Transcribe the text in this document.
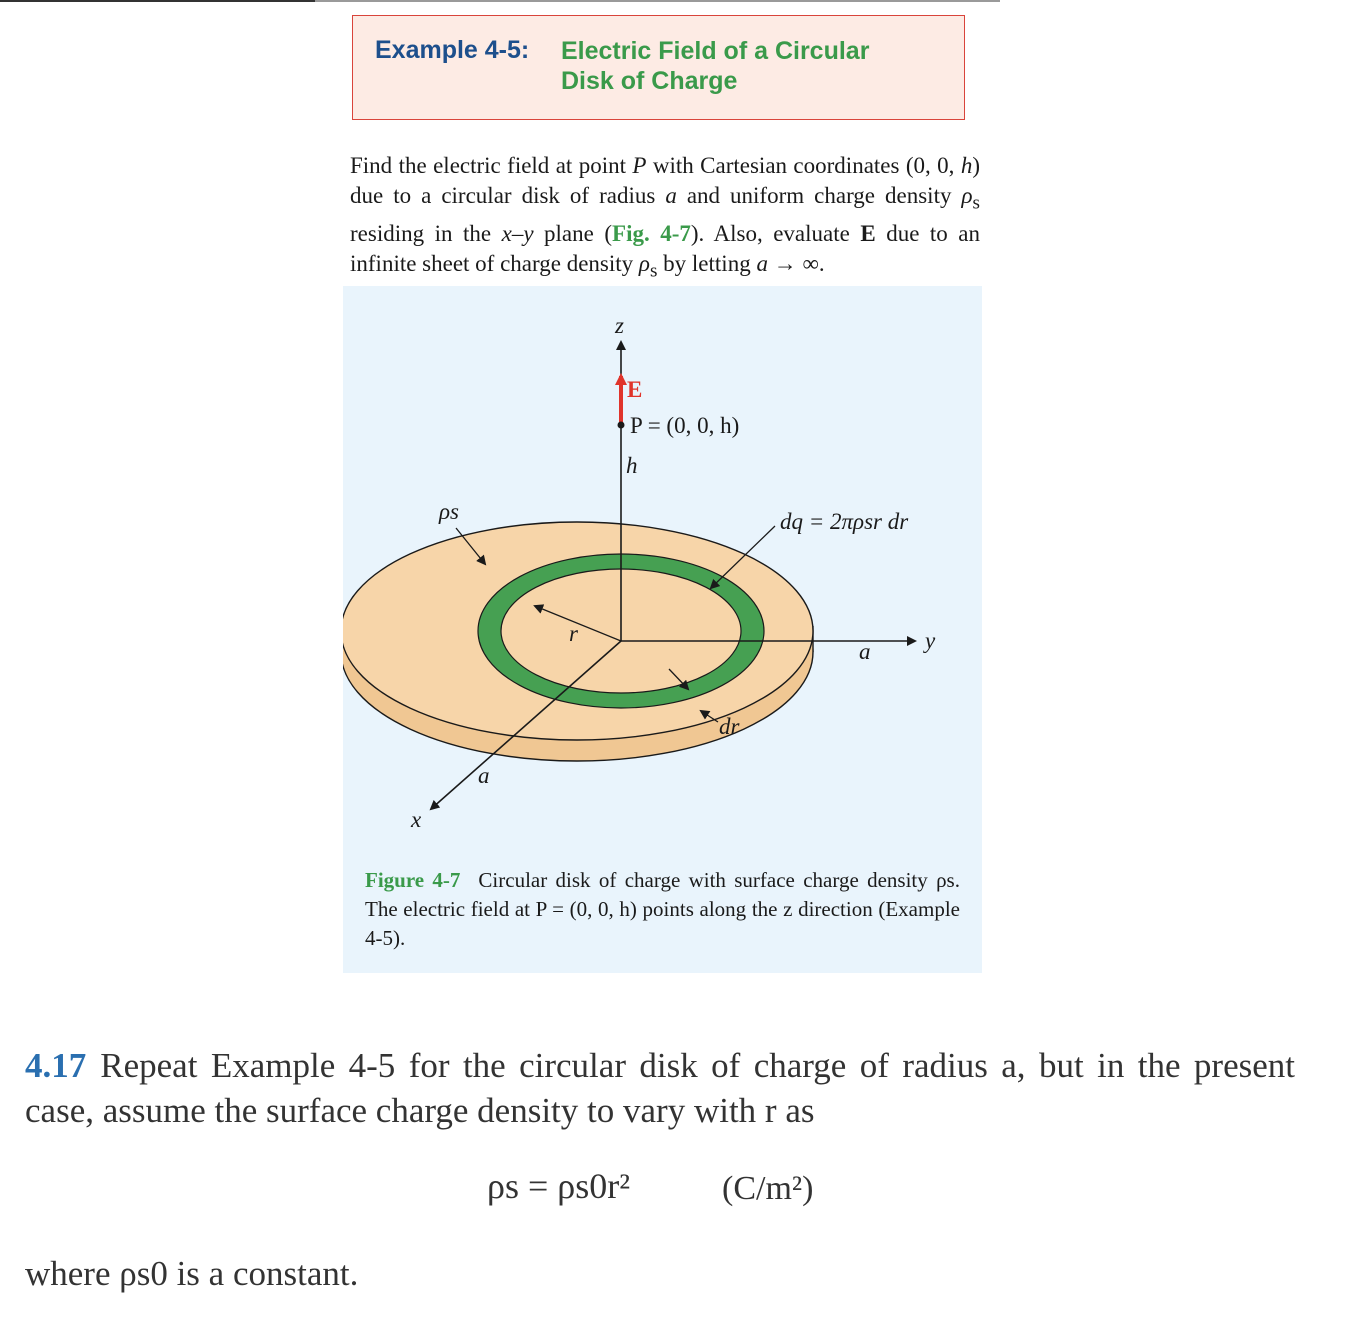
Example 4-5: Electric Field of a Circular Disk of Charge
Find the electric field at point P with Cartesian coordinates (0, 0, h) due to a circular disk of radius a and uniform charge density $\rho_s$ residing in the x–y plane (Fig. 4-7). Also, evaluate E due to an infinite sheet of charge density $\rho_s$ by letting a → ∞.
z
E
P = (0, 0, h)
h
ρs	dq = 2πρsr dr
r
a y
dr
a
x
Figure 4-7 Circular disk of charge with surface charge density ρs. The electric field at P = (0, 0, h) points along the z direction (Example 4-5).
4.17 Repeat Example 4-5 for the circular disk of charge of radius a, but in the present case, assume the surface charge density to vary with r as
ρs = ρs0r²	(C/m²)
where ρs0 is a constant.
